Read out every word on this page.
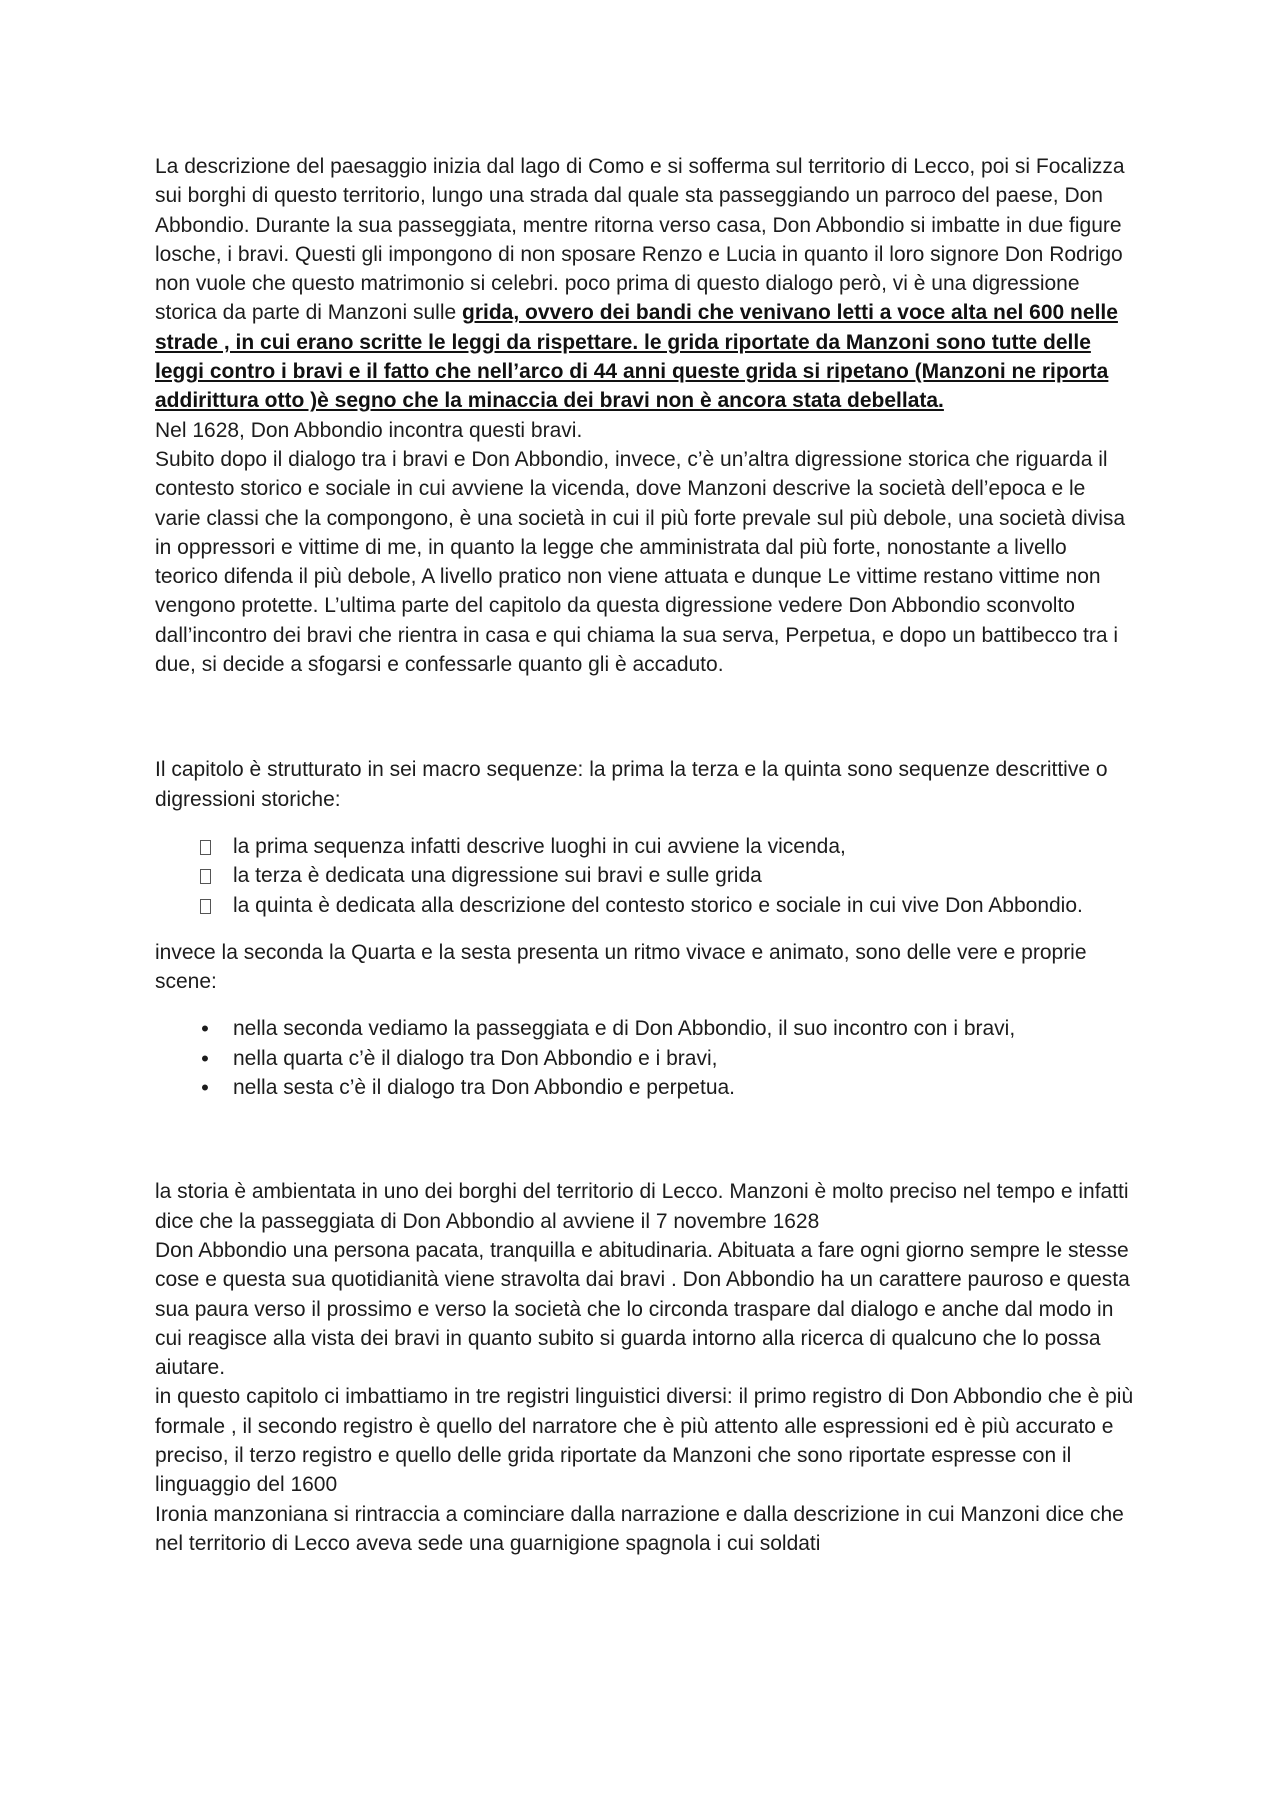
La descrizione del paesaggio inizia dal lago di Como e si sofferma sul territorio di Lecco, poi si Focalizza sui borghi di questo territorio, lungo una strada dal quale sta passeggiando un parroco del paese, Don Abbondio. Durante la sua passeggiata, mentre ritorna verso casa, Don Abbondio si imbatte in due figure losche, i bravi. Questi gli impongono di non sposare Renzo e Lucia in quanto il loro signore Don Rodrigo non vuole che questo matrimonio si celebri. poco prima di questo dialogo però, vi è una digressione storica da parte di Manzoni sulle grida, ovvero dei bandi che venivano letti a voce alta nel 600 nelle strade , in cui erano scritte le leggi da rispettare. le grida riportate da Manzoni sono tutte delle leggi contro i bravi e il fatto che nell’arco di 44 anni queste grida si ripetano (Manzoni ne riporta addirittura otto )è segno che la minaccia dei bravi non è ancora stata debellata.

Nel 1628, Don Abbondio incontra questi bravi.

Subito dopo il dialogo tra i bravi e Don Abbondio, invece, c’è un’altra digressione storica che riguarda il contesto storico e sociale in cui avviene la vicenda, dove Manzoni descrive la società dell’epoca e le varie classi che la compongono, è una società in cui il più forte prevale sul più debole, una società divisa in oppressori e vittime di me, in quanto la legge che amministrata dal più forte, nonostante a livello teorico difenda il più debole, A livello pratico non viene attuata e dunque Le vittime restano vittime non vengono protette. L’ultima parte del capitolo da questa digressione vedere Don Abbondio sconvolto dall’incontro dei bravi che rientra in casa e qui chiama la sua serva, Perpetua, e dopo un battibecco tra i due, si decide a sfogarsi e confessarle quanto gli è accaduto.

Il capitolo è strutturato in sei macro sequenze: la prima la terza e la quinta sono sequenze descrittive o digressioni storiche:

la prima sequenza infatti descrive luoghi in cui avviene la vicenda,
la terza è dedicata una digressione sui bravi e sulle grida
la quinta è dedicata alla descrizione del contesto storico e sociale in cui vive Don Abbondio.

invece la seconda la Quarta e la sesta presenta un ritmo vivace e animato, sono delle vere e proprie scene:

• nella seconda vediamo la passeggiata e di Don Abbondio, il suo incontro con i bravi,
• nella quarta c’è il dialogo tra Don Abbondio e i bravi,
• nella sesta c’è il dialogo tra Don Abbondio e perpetua.

la storia è ambientata in uno dei borghi del territorio di Lecco. Manzoni è molto preciso nel tempo e infatti dice che la passeggiata di Don Abbondio al avviene il 7 novembre 1628

Don Abbondio una persona pacata, tranquilla e abitudinaria. Abituata a fare ogni giorno sempre le stesse cose e questa sua quotidianità viene stravolta dai bravi . Don Abbondio ha un carattere pauroso e questa sua paura verso il prossimo e verso la società che lo circonda traspare dal dialogo e anche dal modo in cui reagisce alla vista dei bravi in quanto subito si guarda intorno alla ricerca di qualcuno che lo possa aiutare.

in questo capitolo ci imbattiamo in tre registri linguistici diversi: il primo registro di Don Abbondio che è più formale , il secondo registro è quello del narratore che è più attento alle espressioni ed è più accurato e preciso, il terzo registro e quello delle grida riportate da Manzoni che sono riportate espresse con il linguaggio del 1600

Ironia manzoniana si rintraccia a cominciare dalla narrazione e dalla descrizione in cui Manzoni dice che nel territorio di Lecco aveva sede una guarnigione spagnola i cui soldati
